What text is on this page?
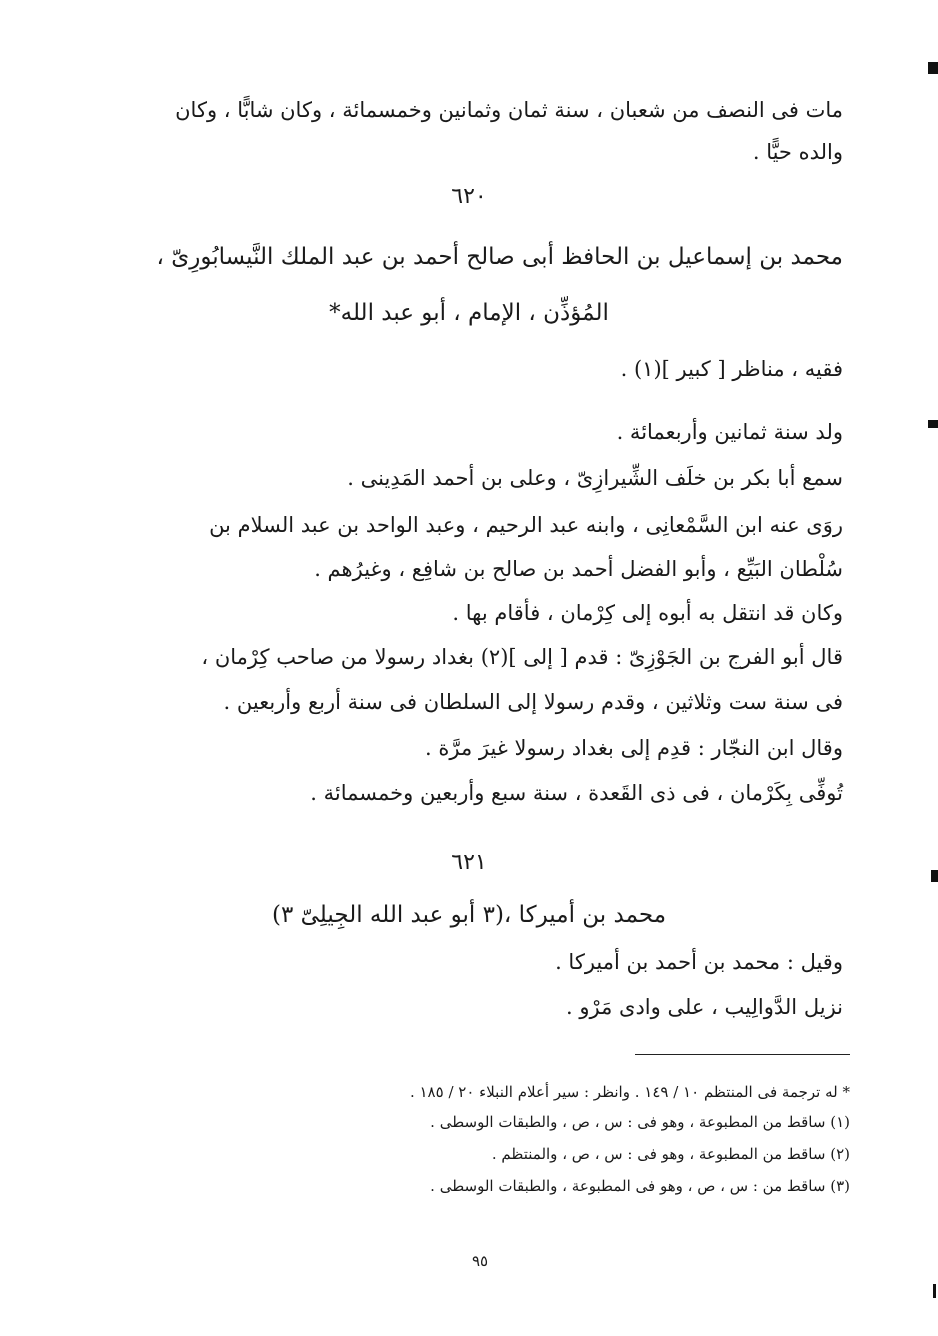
مات فى النصف من شعبان ، سنة ثمان وثمانين وخمسمائة ، وكان شابًّا ، وكان
والده حيًّا .
٦٢٠
محمد بن إسماعيل بن الحافظ أبى صالح أحمد بن عبد الملك النَّيسابُورِىّ ،
المُؤذِّن ، الإمام ، أبو عبد الله*
فقيه ، مناظر [ كبير ](١) .
ولد سنة ثمانين وأربعمائة .
سمع أبا بكر بن خلَف الشِّيرازِىّ ، وعلى بن أحمد المَدِينى .
روَى عنه ابن السَّمْعانِى ، وابنه عبد الرحيم ، وعبد الواحد بن عبد السلام بن
سُلْطان البَيِّع ، وأبو الفضل أحمد بن صالح بن شافِع ، وغيرُهم .
وكان قد انتقل به أبوه إلى كِرْمان ، فأقام بها .
قال أبو الفرج بن الجَوْزِىّ : قدم [ إلى ](٢) بغداد رسولا من صاحب كِرْمان ،
فى سنة ست وثلاثين ، وقدم رسولا إلى السلطان فى سنة أربع وأربعين .
وقال ابن النجّار : قدِم إلى بغداد رسولا غيرَ مرَّة .
تُوفِّى بِكَرْمان ، فى ذى القَعدة ، سنة سبع وأربعين وخمسمائة .
٦٢١
محمد بن أميركا ،(٣ أبو عبد الله الجِيلِىّ ٣)
وقيل : محمد بن أحمد بن أميركا .
نزيل الدَّوالِيب ، على وادى مَرْو .
* له ترجمة فى المنتظم ١٠ / ١٤٩ . وانظر : سير أعلام النبلاء ٢٠ / ١٨٥ .
(١) ساقط من المطبوعة ، وهو فى : س ، ص ، والطبقات الوسطى .
(٢) ساقط من المطبوعة ، وهو فى : س ، ص ، والمنتظم .
(٣) ساقط من : س ، ص ، وهو فى المطبوعة ، والطبقات الوسطى .
٩٥
